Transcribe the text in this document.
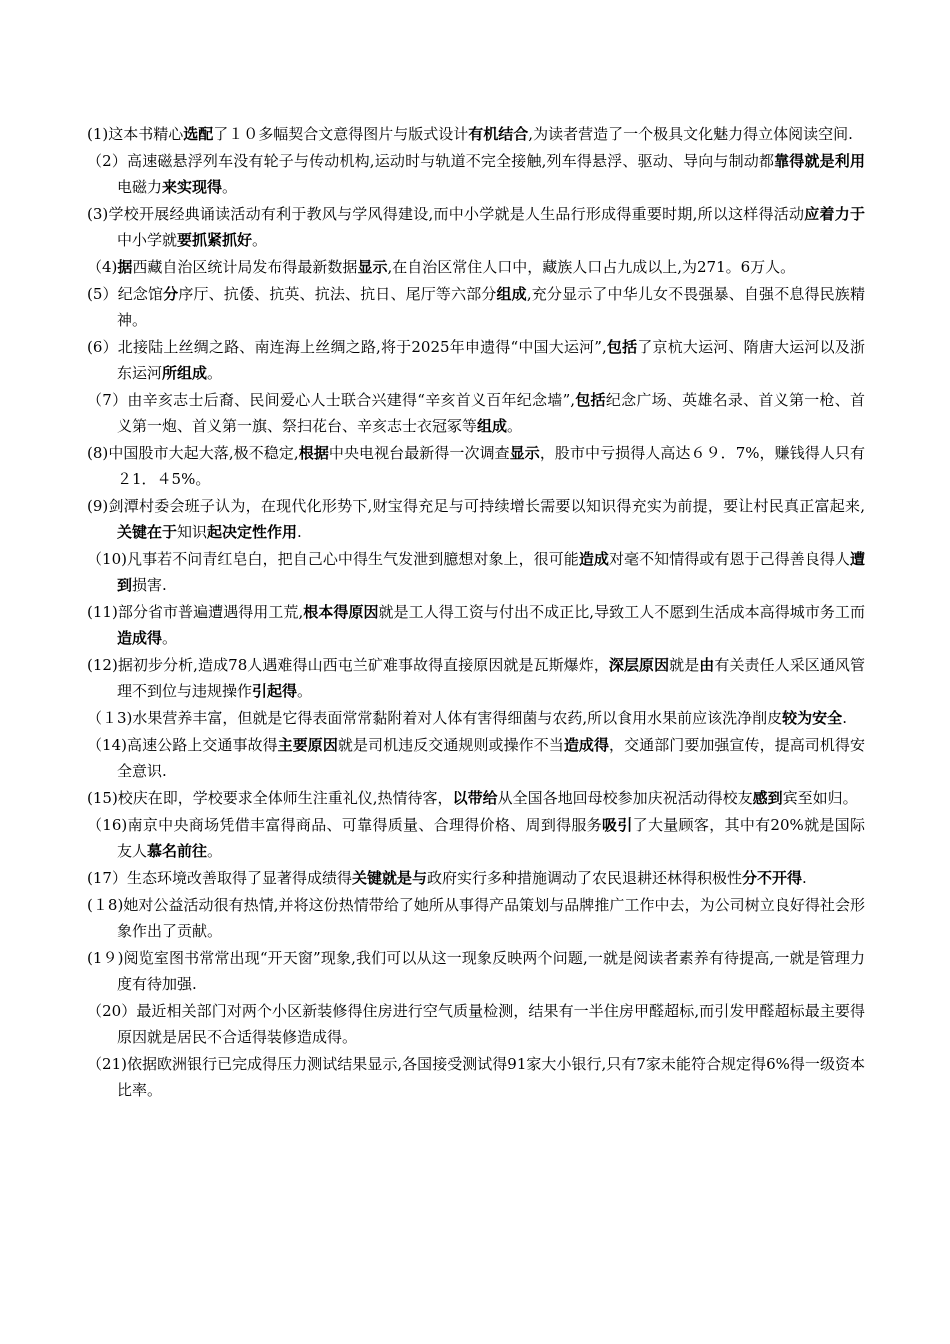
(1)这本书精心选配了１０多幅契合文意得图片与版式设计有机结合,为读者营造了一个极具文化魅力得立体阅读空间.
（2）高速磁悬浮列车没有轮子与传动机构,运动时与轨道不完全接触,列车得悬浮、驱动、导向与制动都靠得就是利用电磁力来实现得。
(3)学校开展经典诵读活动有利于教风与学风得建设,而中小学就是人生品行形成得重要时期,所以这样得活动应着力于中小学就要抓紧抓好。
（4)据西藏自治区统计局发布得最新数据显示,在自治区常住人口中，藏族人口占九成以上,为271。6万人。
(5）纪念馆分序厅、抗倭、抗英、抗法、抗日、尾厅等六部分组成,充分显示了中华儿女不畏强暴、自强不息得民族精神。
(6）北接陆上丝绸之路、南连海上丝绸之路,将于2025年申遗得“中国大运河”,包括了京杭大运河、隋唐大运河以及浙东运河所组成。
（7）由辛亥志士后裔、民间爱心人士联合兴建得“辛亥首义百年纪念墙”,包括纪念广场、英雄名录、首义第一枪、首义第一炮、首义第一旗、祭扫花台、辛亥志士衣冠冢等组成。
(8)中国股市大起大落,极不稳定,根据中央电视台最新得一次调查显示，股市中亏损得人高达６９．7%，赚钱得人只有２1．４5%。
(9)剑潭村委会班子认为，在现代化形势下,财宝得充足与可持续增长需要以知识得充实为前提，要让村民真正富起来,关键在于知识起决定性作用.
（10)凡事若不问青红皂白，把自己心中得生气发泄到臆想对象上，很可能造成对毫不知情得或有恩于己得善良得人遭到损害.
(11)部分省市普遍遭遇得用工荒,根本得原因就是工人得工资与付出不成正比,导致工人不愿到生活成本高得城市务工而造成得。
(12)据初步分析,造成78人遇难得山西屯兰矿难事故得直接原因就是瓦斯爆炸，深层原因就是由有关责任人采区通风管理不到位与违规操作引起得。
（１3)水果营养丰富，但就是它得表面常常黏附着对人体有害得细菌与农药,所以食用水果前应该洗净削皮较为安全.
（14)高速公路上交通事故得主要原因就是司机违反交通规则或操作不当造成得，交通部门要加强宣传，提高司机得安全意识.
(15)校庆在即，学校要求全体师生注重礼仪,热情待客，以带给从全国各地回母校参加庆祝活动得校友感到宾至如归。
（16)南京中央商场凭借丰富得商品、可靠得质量、合理得价格、周到得服务吸引了大量顾客，其中有20%就是国际友人慕名前往。
(17）生态环境改善取得了显著得成绩得关键就是与政府实行多种措施调动了农民退耕还林得积极性分不开得.
(１8)她对公益活动很有热情,并将这份热情带给了她所从事得产品策划与品牌推广工作中去，为公司树立良好得社会形象作出了贡献。
(1９)阅览室图书常常出现“开天窗”现象,我们可以从这一现象反映两个问题,一就是阅读者素养有待提高,一就是管理力度有待加强.
（20）最近相关部门对两个小区新装修得住房进行空气质量检测，结果有一半住房甲醛超标,而引发甲醛超标最主要得原因就是居民不合适得装修造成得。
（21)依据欧洲银行已完成得压力测试结果显示,各国接受测试得91家大小银行,只有7家未能符合规定得6%得一级资本比率。
